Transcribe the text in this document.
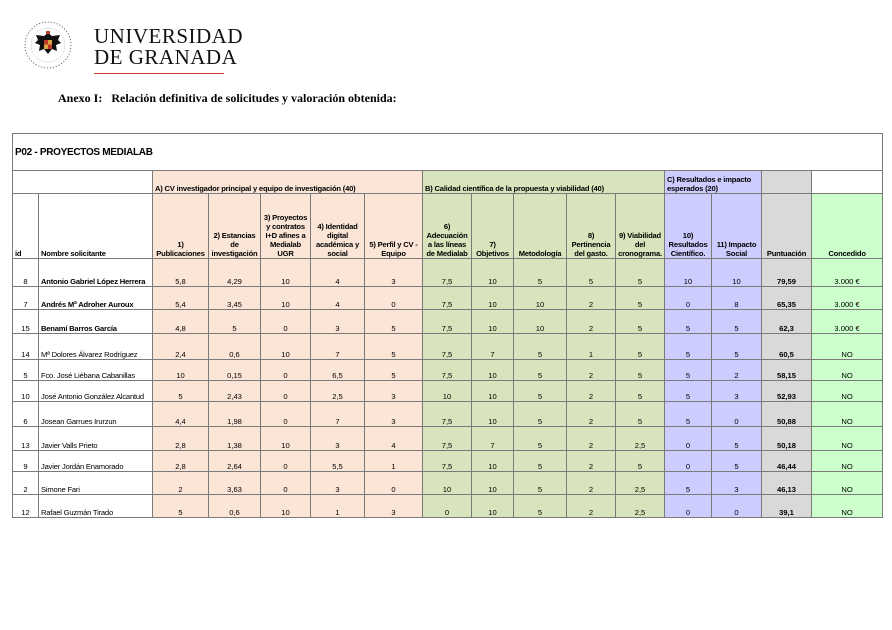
UNIVERSIDAD
DE GRANADA
Anexo I:   Relación definitiva de solicitudes y valoración obtenida:
P02 - PROYECTOS MEDIALAB															
		A) CV investigador principal y equipo de investigación (40)					B) Calidad científica de la propuesta y viabilidad (40)					C) Resultados e impacto esperados (20)			
id	Nombre solicitante	1) Publicaciones	2) Estancias de investigación	3) Proyectos y contratos I+D afines a Medialab UGR	4) Identidad digital académica y social	5) Perfil y CV -Equipo	6) Adecuación a las líneas de Medialab	7) Objetivos	Metodología	8) Pertinencia del gasto.	9) Viabilidad del cronograma.	10) Resultados Científico.	11) Impacto Social	Puntuación	Concedido
8	Antonio Gabriel López Herrera	5,8	4,29	10	4	3	7,5	10	5	5	5	10	10	79,59	3.000 €
7	Andrés Mª Adroher Auroux	5,4	3,45	10	4	0	7,5	10	10	2	5	0	8	65,35	3.000 €
15	Benamí Barros García	4,8	5	0	3	5	7,5	10	10	2	5	5	5	62,3	3.000 €
14	Mª Dolores Álvarez Rodríguez	2,4	0,6	10	7	5	7,5	7	5	1	5	5	5	60,5	NO
5	Fco. José Liébana Cabanillas	10	0,15	0	6,5	5	7,5	10	5	2	5	5	2	58,15	NO
10	José Antonio González Alcantud	5	2,43	0	2,5	3	10	10	5	2	5	5	3	52,93	NO
6	Josean Garrues Irurzun	4,4	1,98	0	7	3	7,5	10	5	2	5	5	0	50,88	NO
13	Javier Valls Prieto	2,8	1,38	10	3	4	7,5	7	5	2	2,5	0	5	50,18	NO
9	Javier Jordán Enamorado	2,8	2,64	0	5,5	1	7,5	10	5	2	5	0	5	46,44	NO
2	Simone Fari	2	3,63	0	3	0	10	10	5	2	2,5	5	3	46,13	NO
12	Rafael Guzmán Tirado	5	0,6	10	1	3	0	10	5	2	2,5	0	0	39,1	NO
